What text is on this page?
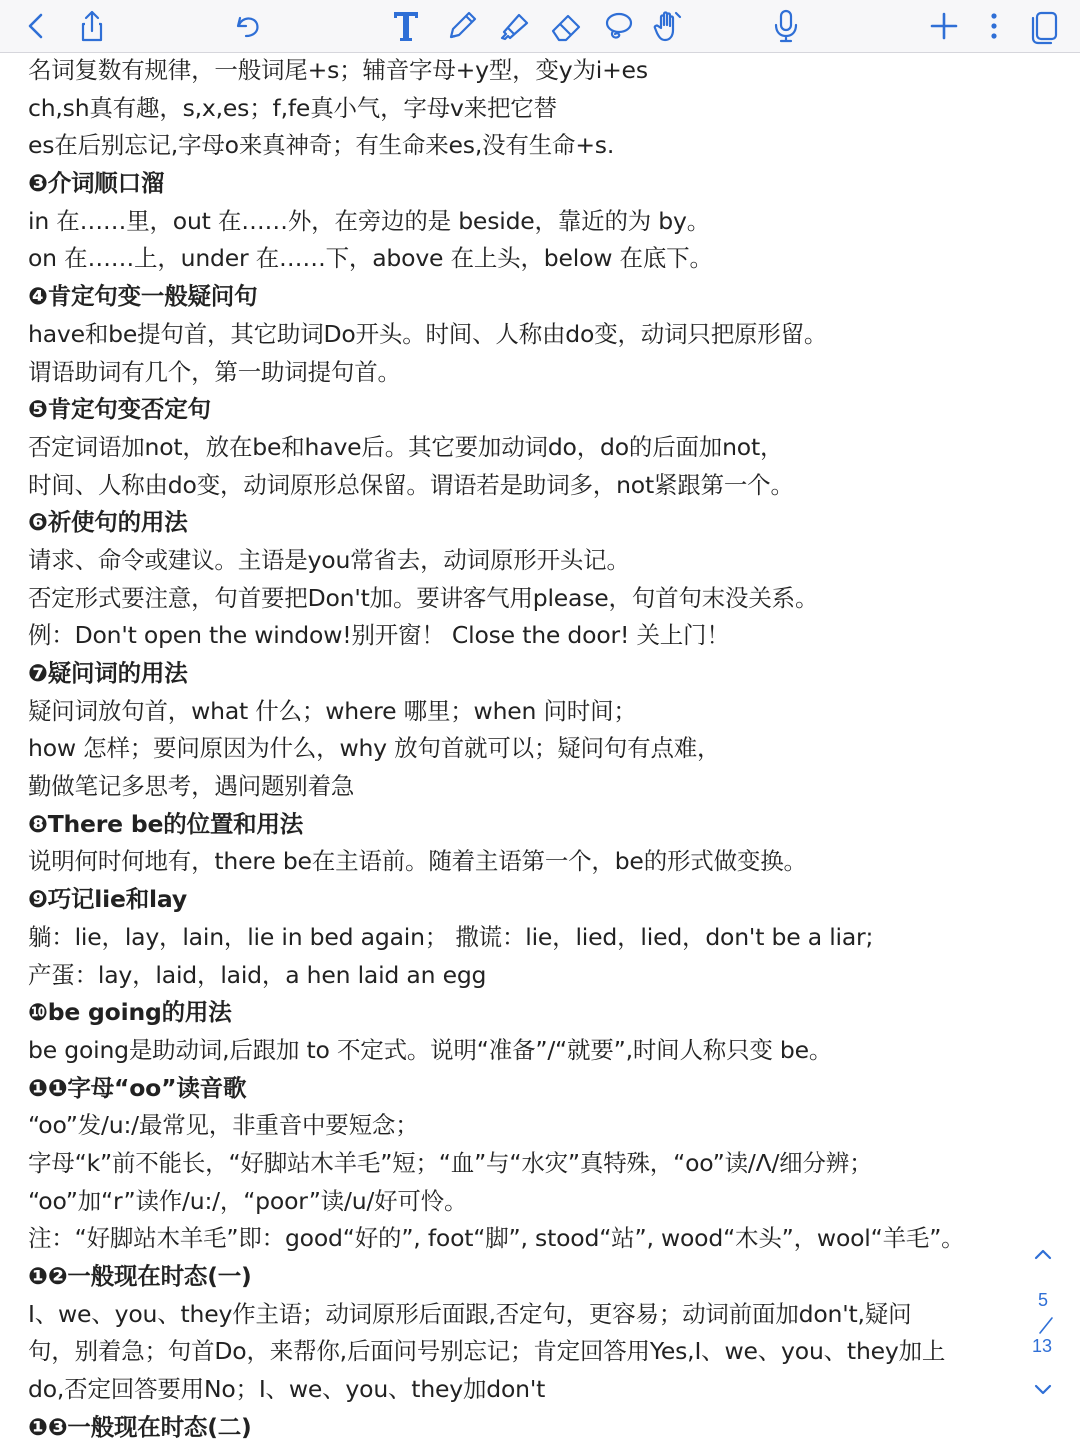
名词复数有规律，一般词尾+s；辅音字母+y型，变y为i+es
ch,sh真有趣，s,x,es；f,fe真小气，字母v来把它替
es在后别忘记,字母o来真神奇；有生命来es,没有生命+s.
❸介词顺口溜
in 在……里，out 在……外，在旁边的是 beside，靠近的为 by。
on 在……上，under 在……下，above 在上头，below 在底下。
❹肯定句变一般疑问句
have和be提句首，其它助词Do开头。时间、人称由do变，动词只把原形留。
谓语助词有几个，第一助词提句首。
❺肯定句变否定句
否定词语加not，放在be和have后。其它要加动词do，do的后面加not，
时间、人称由do变，动词原形总保留。谓语若是助词多，not紧跟第一个。
❻祈使句的用法
请求、命令或建议。主语是you常省去，动词原形开头记。
否定形式要注意，句首要把Don't加。要讲客气用please，句首句末没关系。
例：Don't open the window!别开窗！ Close the door! 关上门！
❼疑问词的用法
疑问词放句首，what 什么；where 哪里；when 问时间；
how 怎样；要问原因为什么，why 放句首就可以；疑问句有点难，
勤做笔记多思考，遇问题别着急
❽There be的位置和用法
说明何时何地有，there be在主语前。随着主语第一个，be的形式做变换。
❾巧记lie和lay
躺：lie，lay，lain，lie in bed again； 撒谎：lie，lied，lied，don't be a liar;
产蛋：lay，laid，laid，a hen laid an egg
❿be going的用法
be going是助动词,后跟加 to 不定式。说明“准备”/“就要”,时间人称只变 be。
❶❶字母“oo”读音歌
“oo”发/u:/最常见，非重音中要短念；
字母“k”前不能长，“好脚站木羊毛”短；“血”与“水灾”真特殊，“oo”读/Λ/细分辨；
“oo”加“r”读作/u:/，“poor”读/u/好可怜。
注：“好脚站木羊毛”即：good“好的”, foot“脚”, stood“站”, wood“木头”，wool“羊毛”。
❶❷一般现在时态(一)
I、we、you、they作主语；动词原形后面跟,否定句，更容易；动词前面加don't,疑问
句，别着急；句首Do，来帮你,后面问号别忘记；肯定回答用Yes,I、we、you、they加上
do,否定回答要用No；I、we、you、they加don't
❶❸一般现在时态(二)
5
13
